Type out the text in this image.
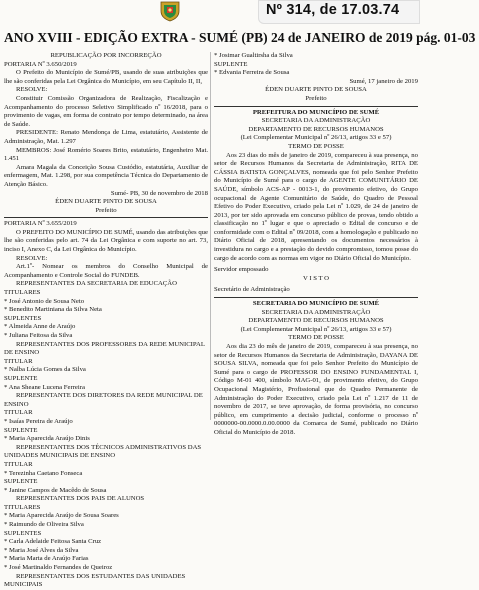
Nº 314, de 17.03.74
ANO XVIII - EDIÇÃO EXTRA - SUMÉ (PB) 24 de JANEIRO de 2019 pág. 01-03
REPUBLICAÇÃO POR INCORREÇÃO
PORTARIA Nº 3.650/2019
O Prefeito do Município de Sumé/PB, usando de suas atribuições que lhe são conferidas pela Lei Orgânica do Município, em seu Capítulo II, II,
RESOLVE:
Constituir Comissão Organizadora de Realização, Fiscalização e Acompanhamento do processo Seletivo Simplificado nº 16/2018, para o provimento de vagas, em forma de contrato por tempo determinado, na área de Saúde.
PRESIDENTE: Renato Mendonça de Lima, estatutário, Assistente de Administração, Mat. 1.297
MEMBROS: José Romério Soares Brito, estatutário, Engenheiro Mat. 1.451
Amara Magala da Conceição Sousa Custódio, estatutária, Auxiliar de enfermagem, Mat. 1.298, por sua competência Técnica do Departamento de Atenção Básico.
Sumé- PB, 30 de novembro de 2018
ÉDEN DUARTE PINTO DE SOUSA
Prefeito
PORTARIA Nº 3.655/2019
O PREFEITO DO MUNICÍPIO DE SUMÉ, usando das atribuições que lhe são conferidas pelo art. 74 da Lei Orgânica e com suporte no art. 73, inciso I, Anexo C, da Lei Orgânica do Município.
RESOLVE:
Art.1º- Nomear os membros do Conselho Municipal de Acompanhamento e Controle Social do FUNDEB.
REPRESENTANTES DA SECRETARIA DE EDUCAÇÃO
TITULARES
* José Antonio de Sousa Neto
* Benedito Martiniana da Silva Neta
SUPLENTES
* Almeida Anne de Araújo
* Juliana Feitosa da Silva
REPRESENTANTES DOS PROFESSORES DA REDE MUNICIPAL DE ENSINO
TITULAR
* Nalba Lúcia Gomes da Silva
SUPLENTE
* Ana Sheane Lucena Ferreira
REPRESENTANTE DOS DIRETORES DA REDE MUNICIPAL DE ENSINO
TITULAR
* Isaías Pereira de Araújo
SUPLENTE
* Maria Aparecida Araújo Dinis
REPRESENTANTES DOS TÉCNICOS ADMINISTRATIVOS DAS UNIDADES MUNICIPAIS DE ENSINO
TITULAR
* Terezinha Caetano Fonseca
SUPLENTE
* Janine Campos de Macêdo de Sousa
REPRESENTANTES DOS PAIS DE ALUNOS
TITULARES
* Maria Aparecida Araújo de Sousa Soares
* Raimundo de Oliveira Silva
SUPLENTES
* Carla Adelaide Feitosa Santa Cruz
* Maria José Alves da Silva
* Maria Marta de Araújo Farias
* José Martinaldo Fernandes de Queiroz
REPRESENTANTES DOS ESTUDANTES DAS UNIDADES MUNICIPAIS
* Josimar Gualtirsha da Silva
SUPLENTE
* Edvania Ferreira de Sousa
Sumé, 17 janeiro de 2019
ÉDEN DUARTE PINTO DE SOUSA
Prefeito
PREFEITURA DO MUNICÍPIO DE SUMÉ
SECRETARIA DA ADMINISTRAÇÃO
DEPARTAMENTO DE RECURSOS HUMANOS
(Lei Complementar Municipal nº 26/13, artigos 33 e 57)
TERMO DE POSSE
Aos 23 dias do mês de janeiro de 2019, compareceu à sua presença, no setor de Recursos Humanos da Secretaria de Administração, RITA DE CÁSSIA BATISTA GONÇALVES, nomeada que foi pelo Senhor Prefeito do Município de Sumé para o cargo de AGENTE COMUNITÁRIO DE SAÚDE, símbolo ACS-AP - 0013-1, do provimento efetivo, do Grupo ocupacional de Agente Comunitário de Saúde, do Quadro de Pessoal Efetivo do Poder Executivo, criado pela Lei nº 1.029, de 24 de janeiro de 2013, por ter sido aprovada em concurso público de provas, tendo obtido a classificação no 1º lugar e que o apreciado o Edital de concurso e de conformidade com o Edital nº 09/2018, com a homologação e publicado no Diário Oficial de 2018, apresentando os documentos necessários à investidura no cargo e a prestação do devido compromisso, tomou posse do cargo de acordo com as normas em vigor no Diário Oficial do Município.
Servidor empossado
V I S T O
Secretário de Administração
SECRETARIA DO MUNICÍPIO DE SUMÉ
SECRETARIA DA ADMINISTRAÇÃO
DEPARTAMENTO DE RECURSOS HUMANOS
(Lei Complementar Municipal nº 26/13, artigos 33 e 57)
TERMO DE POSSE
Aos dia 23 do mês de janeiro de 2019, compareceu à sua presença, no setor de Recursos Humanos da Secretaria de Administração, DAYANA DE SOUSA SILVA, nomeada que foi pelo Senhor Prefeito do Município de Sumé para o cargo de PROFESSOR DO ENSINO FUNDAMENTAL I, Código M-01 400, símbolo MAG-01, de provimento efetivo, do Grupo Ocupacional Magistério, Profissional que do Quadro Permanente de Administração do Poder Executivo, criado pela Lei nº 1.217 de 11 de novembro de 2017, se teve aprovação, de forma provisória, no concurso público, em cumprimento a decisão judicial, conforme o processo nº 0000000-00.0000.0.00.0000 da Comarca de Sumé, publicado no Diário Oficial do Município de 2018.
